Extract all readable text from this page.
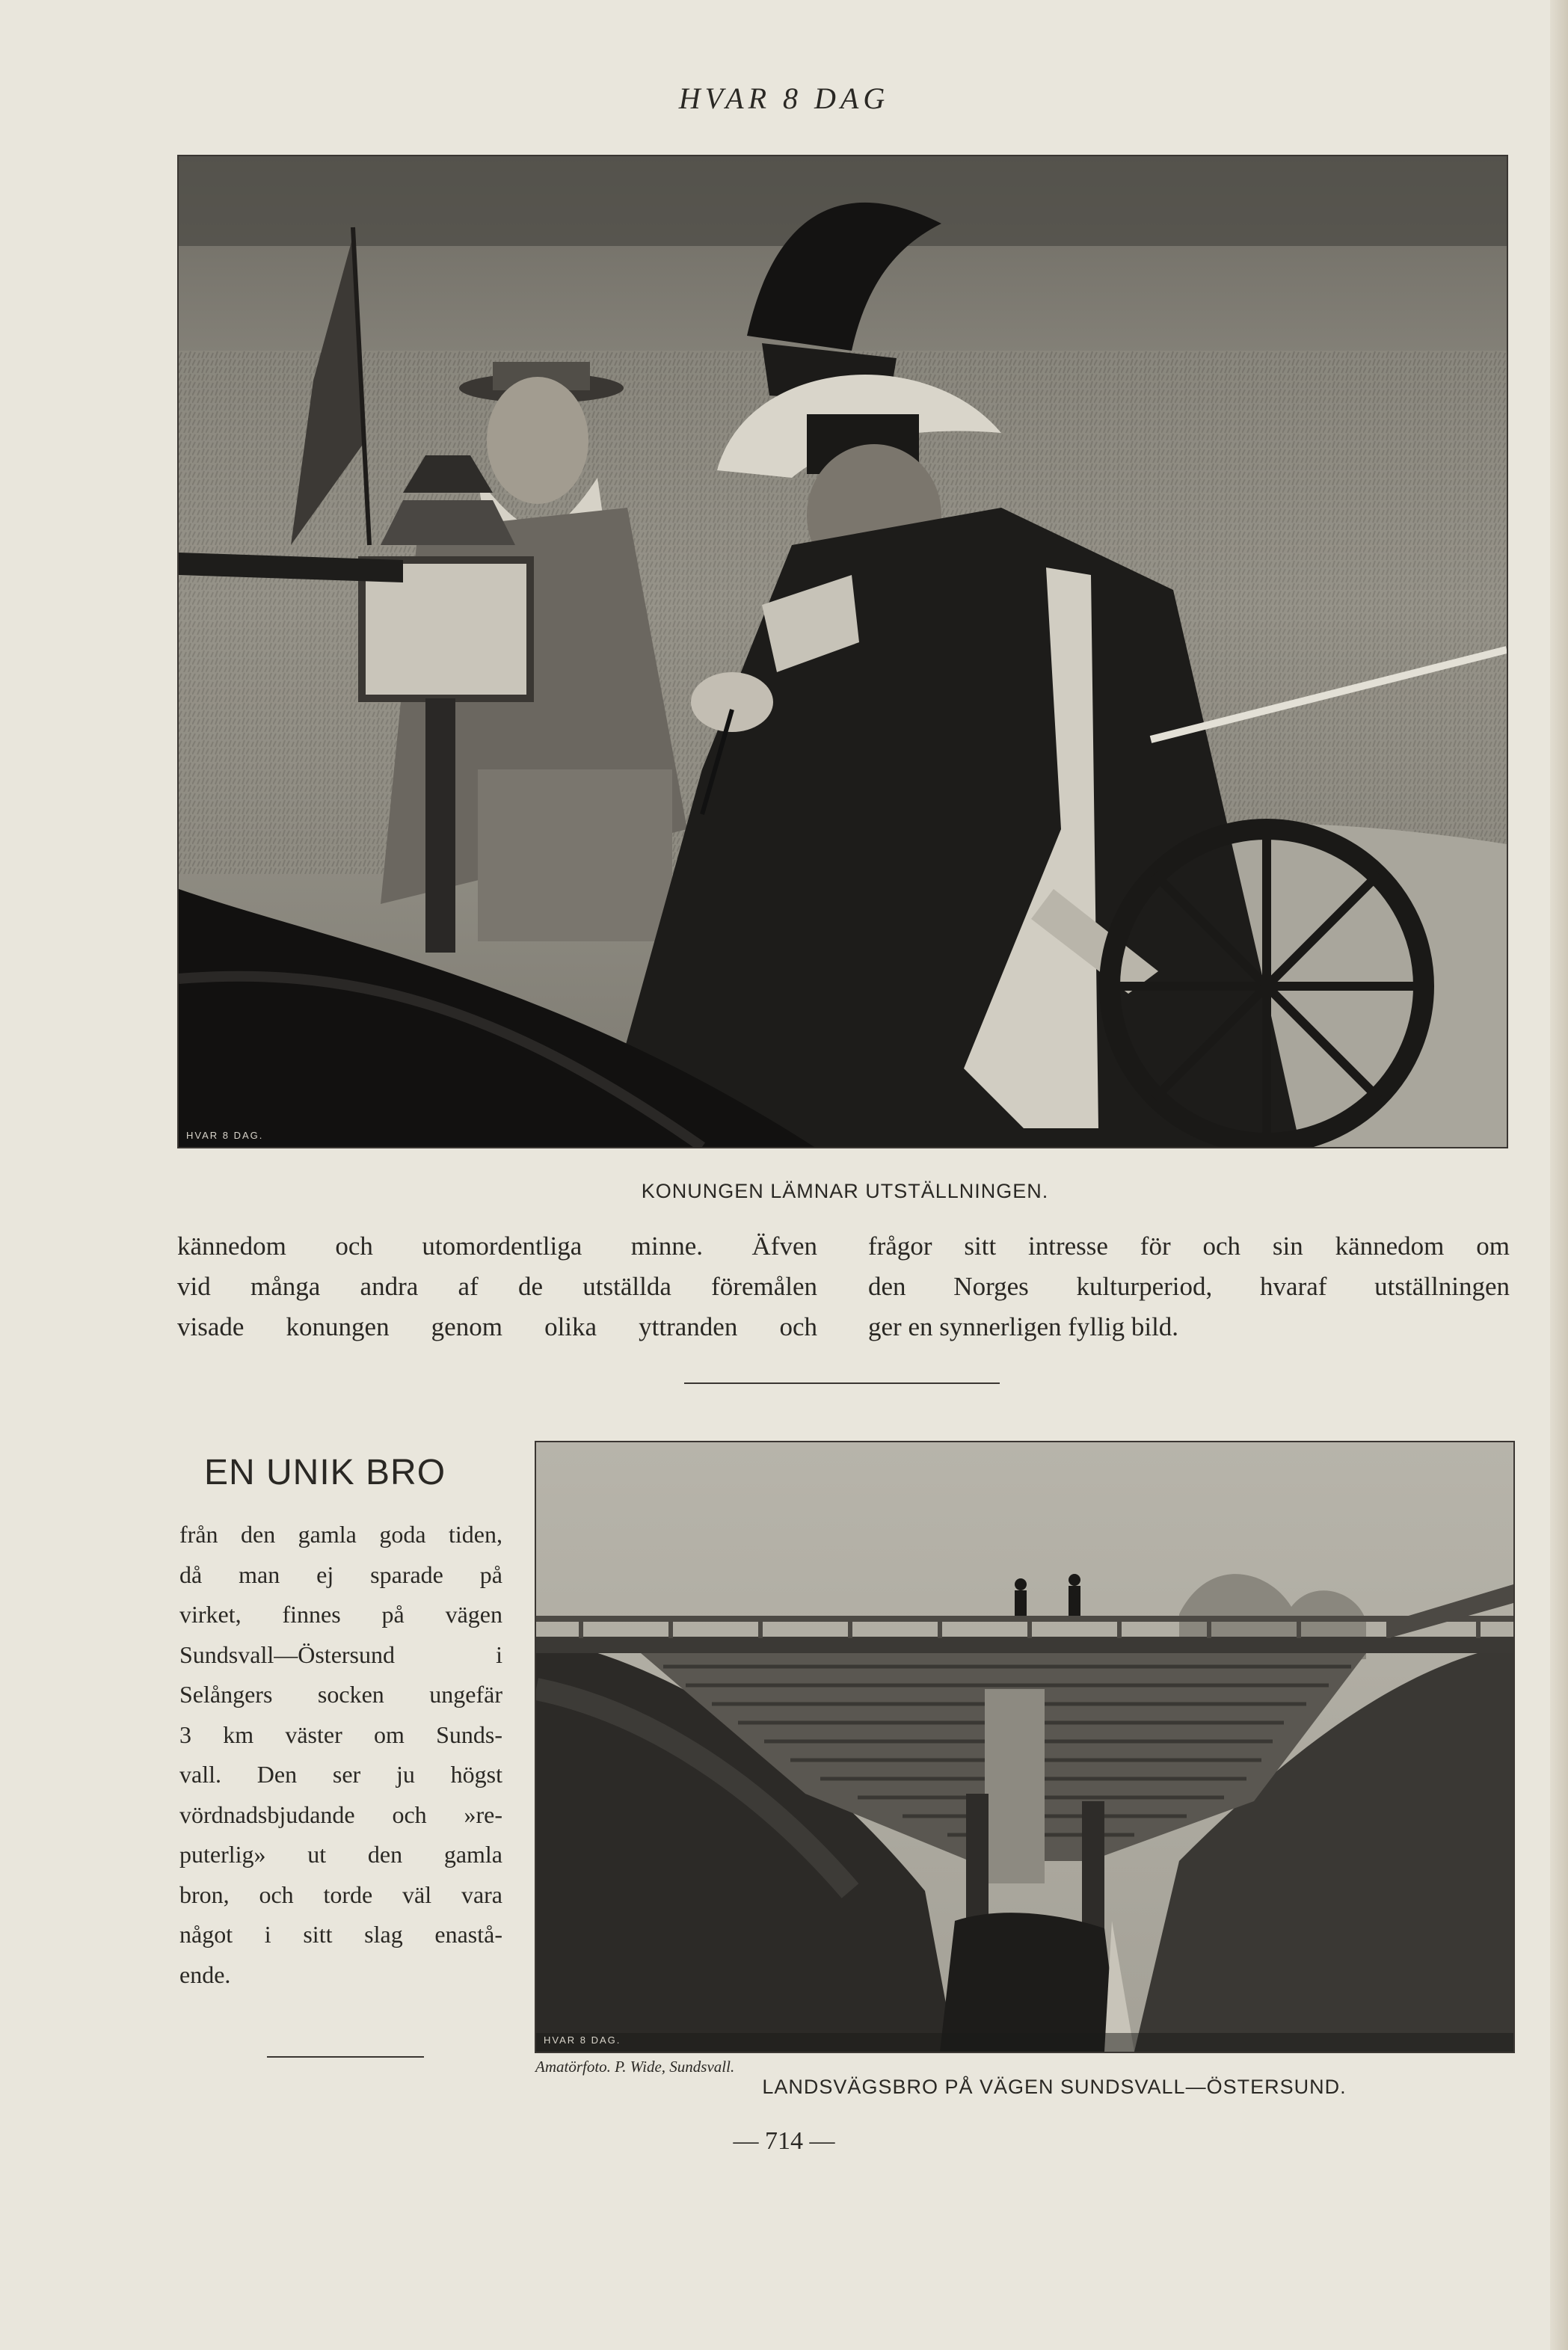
HVAR 8 DAG
HVAR 8 DAG.
KONUNGEN LÄMNAR UTSTÄLLNINGEN.
kännedom och utomordentliga minne. Äfven
vid många andra af de utställda föremålen
visade konungen genom olika yttranden och
frågor sitt intresse för och sin kännedom om
den Norges kulturperiod, hvaraf utställningen
ger en synnerligen fyllig bild.
EN UNIK BRO
från den gamla goda tiden,
då man ej sparade på
virket, finnes på vägen
Sundsvall—Östersund i
Selångers socken ungefär
3 km väster om Sunds-
vall. Den ser ju högst
vördnadsbjudande och »re-
puterlig» ut den gamla
bron, och torde väl vara
något i sitt slag enastå-
ende.
HVAR 8 DAG.
Amatörfoto. P. Wide, Sundsvall.
LANDSVÄGSBRO PÅ VÄGEN SUNDSVALL—ÖSTERSUND.
— 714 —
